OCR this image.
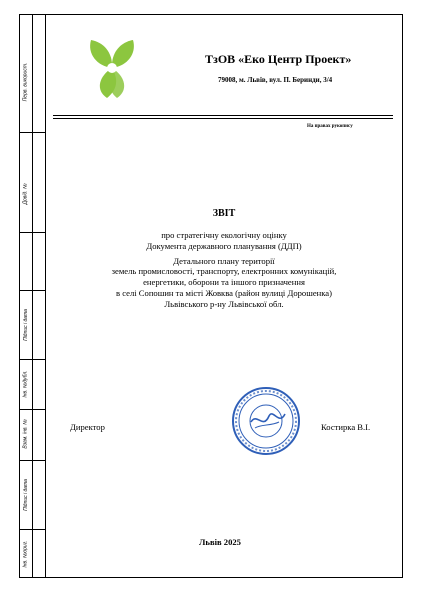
Перв. використ.
Довід. №
Підпис і дата
Інв. №дубл.
Взам. інв. №
Підпис і дата
Інв. №ориг.
ТзОВ «Еко Центр Проект»
79008, м. Львів, вул. П. Беринди, 3/4
На правах рукопису
ЗВІТ
про стратегічну екологічну оцінку
Документа державного планування (ДДП)
Детального плану території
земель промисловості, транспорту, електронних комунікацій,
енергетики, оборони та іншого призначення
в селі Сопошин та місті Жовква (район вулиці Дорошенка)
Львівського р-ну Львівської обл.
Директор	Костирка В.І.
Львів 2025
